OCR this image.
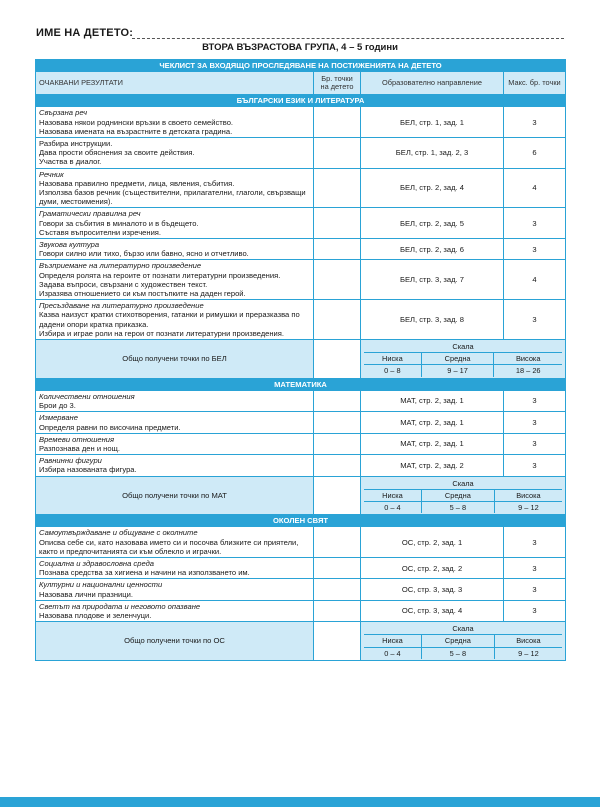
ИМЕ НА ДЕТЕТО:
ВТОРА ВЪЗРАСТОВА ГРУПА, 4 – 5 години
ЧЕКЛИСТ ЗА ВХОДЯЩО ПРОСЛЕДЯВАНЕ НА ПОСТИЖЕНИЯТА НА ДЕТЕТО
ОЧАКВАНИ РЕЗУЛТАТИ	Бр. точки на детето	Образователно направление	Макс. бр. точки
БЪЛГАРСКИ ЕЗИК И ЛИТЕРАТУРА

Свързана реч
Назовава някои роднински връзки в своето семейство.
Назовава имената на възрастните в детската градина.
		БЕЛ, стр. 1, зад. 1	3

Разбира инструкции.
Дава прости обяснения за своите действия.
Участва в диалог.
		БЕЛ, стр. 1, зад. 2, 3	6

Речник
Назовава правилно предмети, лица, явления, събития.
Използва базов речник (съществителни, прилагателни, глаголи, свързващи думи, местоимения).
		БЕЛ, стр. 2, зад. 4	4

Граматически правилна реч
Говори за събития в миналото и в бъдещето.
Съставя въпросителни изречения.
		БЕЛ, стр. 2, зад. 5	3

Звукова култура
Говори силно или тихо, бързо или бавно, ясно и отчетливо.
		БЕЛ, стр. 2, зад. 6	3

Възприемане на литературно произведение
Определя ролята на героите от познати литературни произведения.
Задава въпроси, свързани с художествен текст.
Изразява отношението си към постъпките на даден герой.
		БЕЛ, стр. 3, зад. 7	4

Пресъздаване на литературно произведение
Казва наизуст кратки стихотворения, гатанки и римушки и преразказва по дадени опори кратка приказка.
Избира и играе роли на герои от познати литературни произведения.
		БЕЛ, стр. 3, зад. 8	3
Общо получени точки по БЕЛ		
Скала
Ниска	Средна	Висока
0 – 8	9 – 17	18 – 26

МАТЕМАТИКА

Количествени отношения
Брои до 3.
		МАТ, стр. 2, зад. 1	3

Измерване
Определя равни по височина предмети.
		МАТ, стр. 2, зад. 1	3

Времеви отношения
Разпознава ден и нощ.
		МАТ, стр. 2, зад. 1	3

Равнинни фигури
Избира назованата фигура.
		МАТ, стр. 2, зад. 2	3
Общо получени точки по МАТ		
Скала
Ниска	Средна	Висока
0 – 4	5 – 8	9 – 12

ОКОЛЕН СВЯТ

Самоутвърждаване и общуване с околните
Описва себе си, като назовава името си и посочва близките си приятели, както и предпочитанията си към облекло и играчки.
		ОС, стр. 2, зад. 1	3

Социална и здравословна среда
Познава средства за хигиена и начини на използването им.
		ОС, стр. 2, зад. 2	3

Културни и национални ценности
Назовава лични празници.
		ОС, стр. 3, зад. 3	3

Светът на природата и неговото опазване
Назовава плодове и зеленчуци.
		ОС, стр. 3, зад. 4	3
Общо получени точки по ОС		
Скала
Ниска	Средна	Висока
0 – 4	5 – 8	9 – 12
